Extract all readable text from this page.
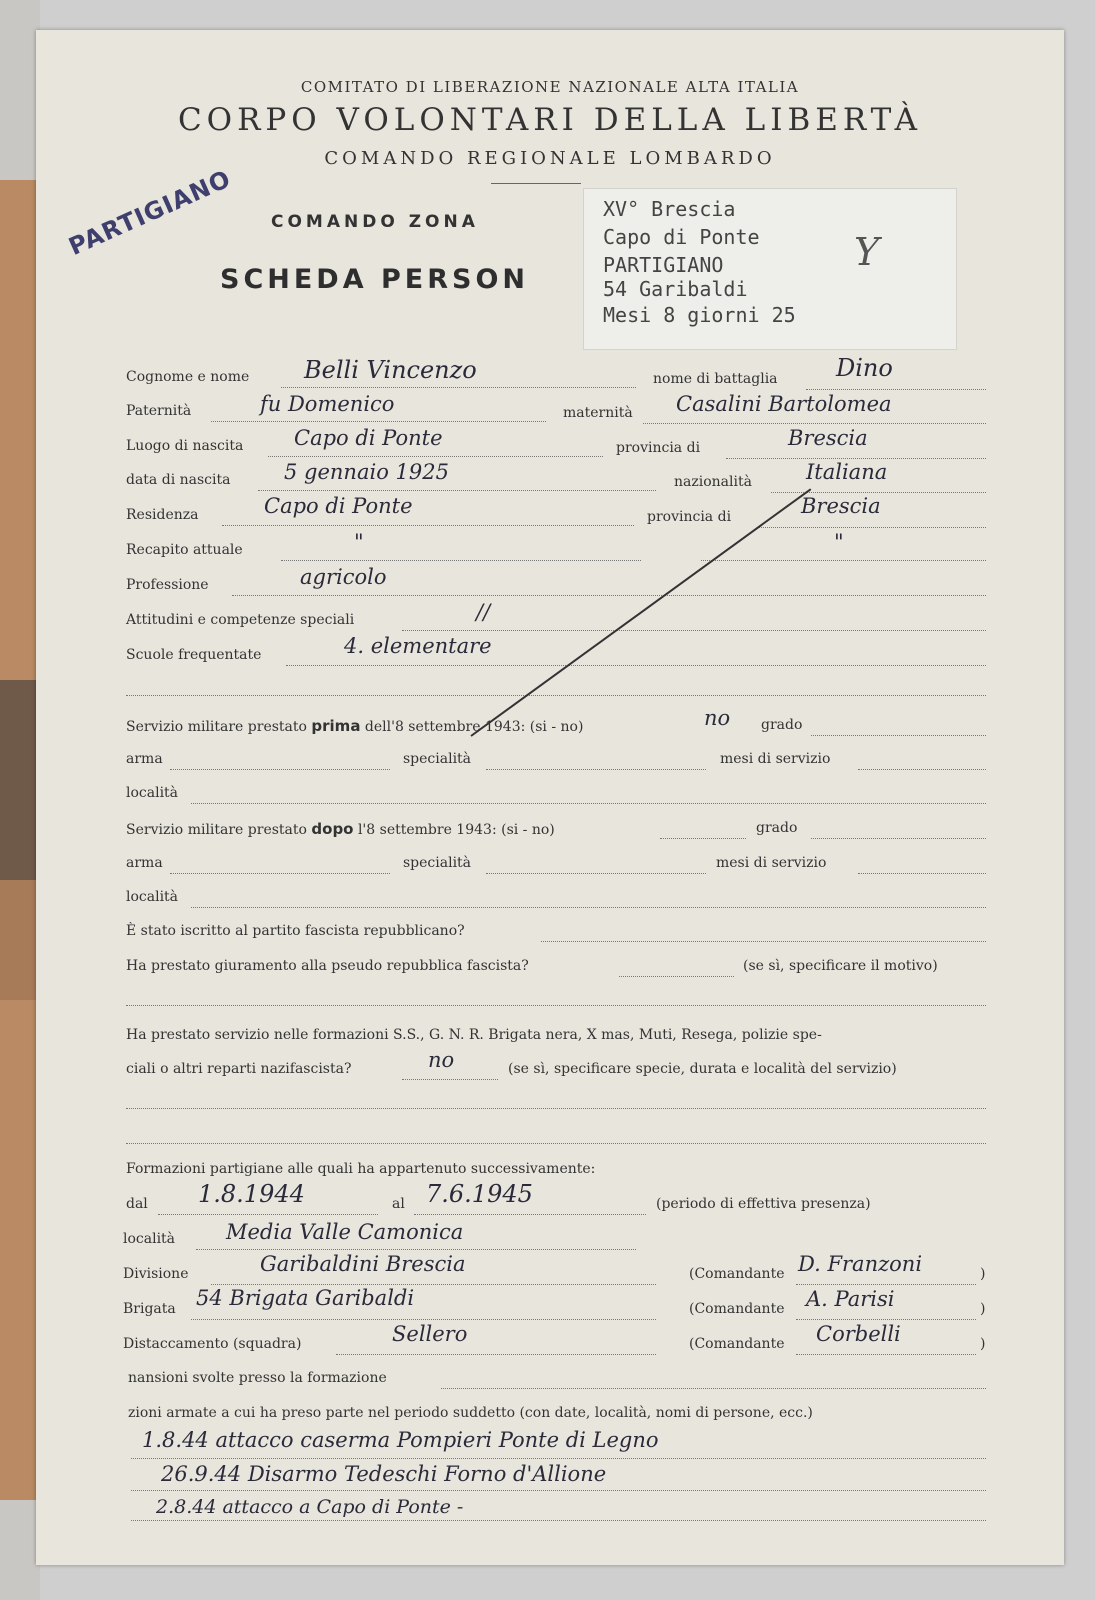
COMITATO DI LIBERAZIONE NAZIONALE ALTA ITALIA
CORPO VOLONTARI DELLA LIBERTÀ
COMANDO REGIONALE LOMBARDO
COMANDO ZONA
SCHEDA PERSON
PARTIGIANO	XV° Brescia
Capo di Ponte
PARTIGIANO
54 Garibaldi
Mesi 8 giorni 25
Y
Cognome e nome Belli Vincenzo	nome di battaglia Dino
Paternità	fu Domenico	maternità Casalini Bartolomea
Luogo di nascita Capo di Ponte	provincia di	Brescia
data di nascita	5 gennaio 1925	nazionalità	Italiana
Residenza	Capo di Ponte	provincia di	Brescia
Recapito attuale	"	"
Professione	agricolo
Attitudini e competenze speciali	//
Scuole frequentate	4. elementare
Servizio militare prestato prima dell'8 settembre 1943: (si - no)	no grado
arma	specialità	mesi di servizio
località
Servizio militare prestato dopo l'8 settembre 1943: (si - no)	grado
arma	specialità	mesi di servizio
località
È stato iscritto al partito fascista repubblicano?
Ha prestato giuramento alla pseudo repubblica fascista?	(se sì, specificare il motivo)
Ha prestato servizio nelle formazioni S.S., G. N. R. Brigata nera, X mas, Muti, Resega, polizie spe-
ciali o altri reparti nazifascista?	no	(se sì, specificare specie, durata e località del servizio)
Formazioni partigiane alle quali ha appartenuto successivamente:
dal 1.8.1944	al 7.6.1945	(periodo di effettiva presenza)
località Media Valle Camonica
Divisione	Garibaldini Brescia	(Comandante D. Franzoni	)
Brigata 54 Brigata Garibaldi	(Comandante A. Parisi	)
Distaccamento (squadra)	Sellero	(Comandante Corbelli	)
nansioni svolte presso la formazione
zioni armate a cui ha preso parte nel periodo suddetto (con date, località, nomi di persone, ecc.)
1.8.44 attacco caserma Pompieri Ponte di Legno
26.9.44 Disarmo Tedeschi Forno d'Allione
2.8.44 attacco a Capo di Ponte -
